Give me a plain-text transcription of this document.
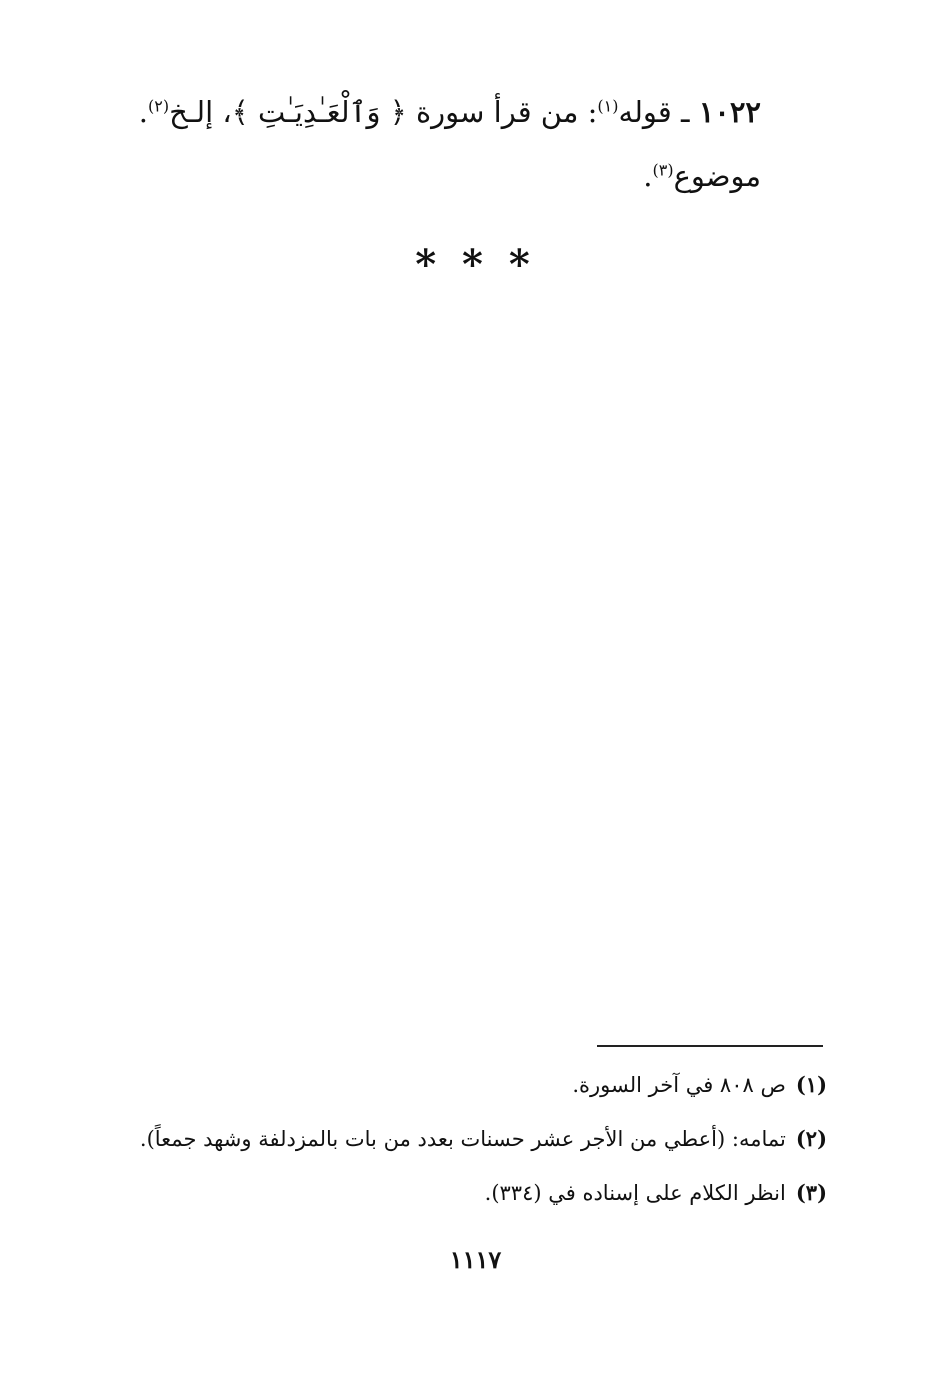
١٠٢٢ ـ قوله$^{(١)}$: من قرأ سورة ﴿ وَٱلْعَـٰدِيَـٰتِ ﴾، إلـخ$^{(٢)}$.
موضوع$^{(٣)}$.
* * *
(١)ص ٨٠٨ في آخر السورة.
(٢)تمامه: (أعطي من الأجر عشر حسنات بعدد من بات بالمزدلفة وشهد جمعاً).
(٣)انظر الكلام على إسناده في (٣٣٤).
١١١٧
